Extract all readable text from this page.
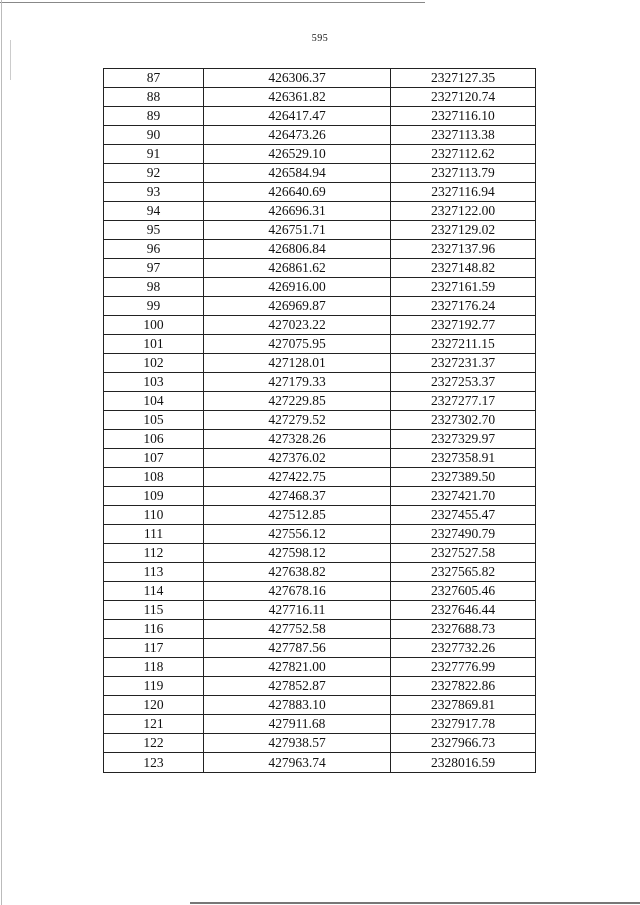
595
87	426306.37	2327127.35
88	426361.82	2327120.74
89	426417.47	2327116.10
90	426473.26	2327113.38
91	426529.10	2327112.62
92	426584.94	2327113.79
93	426640.69	2327116.94
94	426696.31	2327122.00
95	426751.71	2327129.02
96	426806.84	2327137.96
97	426861.62	2327148.82
98	426916.00	2327161.59
99	426969.87	2327176.24
100	427023.22	2327192.77
101	427075.95	2327211.15
102	427128.01	2327231.37
103	427179.33	2327253.37
104	427229.85	2327277.17
105	427279.52	2327302.70
106	427328.26	2327329.97
107	427376.02	2327358.91
108	427422.75	2327389.50
109	427468.37	2327421.70
110	427512.85	2327455.47
111	427556.12	2327490.79
112	427598.12	2327527.58
113	427638.82	2327565.82
114	427678.16	2327605.46
115	427716.11	2327646.44
116	427752.58	2327688.73
117	427787.56	2327732.26
118	427821.00	2327776.99
119	427852.87	2327822.86
120	427883.10	2327869.81
121	427911.68	2327917.78
122	427938.57	2327966.73
123	427963.74	2328016.59
